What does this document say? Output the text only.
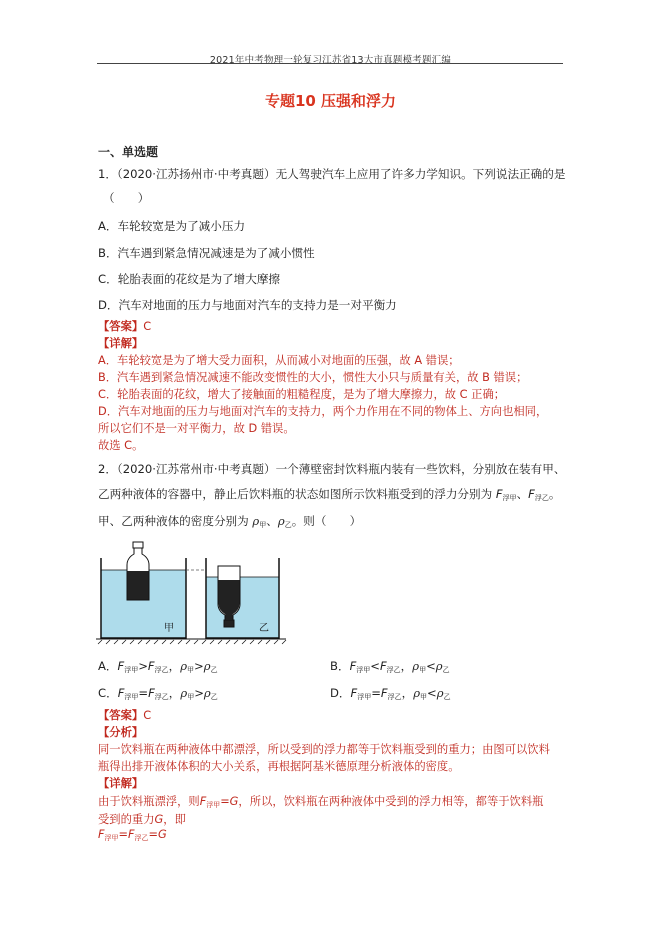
2021年中考物理一轮复习江苏省13大市真题模考题汇编
专题10 压强和浮力
一、单选题
1．（2020·江苏扬州市·中考真题）无人驾驶汽车上应用了许多力学知识。下列说法正确的是
（　　）
A．车轮较宽是为了减小压力
B．汽车遇到紧急情况减速是为了减小惯性
C．轮胎表面的花纹是为了增大摩擦
D．汽车对地面的压力与地面对汽车的支持力是一对平衡力
【答案】C
【详解】
A．车轮较宽是为了增大受力面积，从而减小对地面的压强，故 A 错误；
B．汽车遇到紧急情况减速不能改变惯性的大小，惯性大小只与质量有关，故 B 错误；
C．轮胎表面的花纹，增大了接触面的粗糙程度，是为了增大摩擦力，故 C 正确；
D．汽车对地面的压力与地面对汽车的支持力，两个力作用在不同的物体上、方向也相同，
所以它们不是一对平衡力，故 D 错误。
故选 C。
2．（2020·江苏常州市·中考真题）一个薄壁密封饮料瓶内装有一些饮料，分别放在装有甲、
乙两种液体的容器中，静止后饮料瓶的状态如图所示饮料瓶受到的浮力分别为 $F_{浮甲}$、$F_{浮乙}$。
甲、乙两种液体的密度分别为 $\rho_甲$、$\rho_乙$。则（　　）
甲	乙
A．$F_{浮甲}>F_{浮乙}$，$\rho_甲>\rho_乙$	B．$F_{浮甲}<F_{浮乙}$，$\rho_甲<\rho_乙$
C．$F_{浮甲}=F_{浮乙}$，$\rho_甲>\rho_乙$	D．$F_{浮甲}=F_{浮乙}$，$\rho_甲<\rho_乙$
【答案】C
【分析】
同一饮料瓶在两种液体中都漂浮，所以受到的浮力都等于饮料瓶受到的重力；由图可以饮料
瓶得出排开液体体积的大小关系，再根据阿基米德原理分析液体的密度。
【详解】
由于饮料瓶漂浮，则$F_{浮甲}=G$，所以，饮料瓶在两种液体中受到的浮力相等，都等于饮料瓶
受到的重力G，即
$F_{浮甲}=F_{浮乙}=G$
